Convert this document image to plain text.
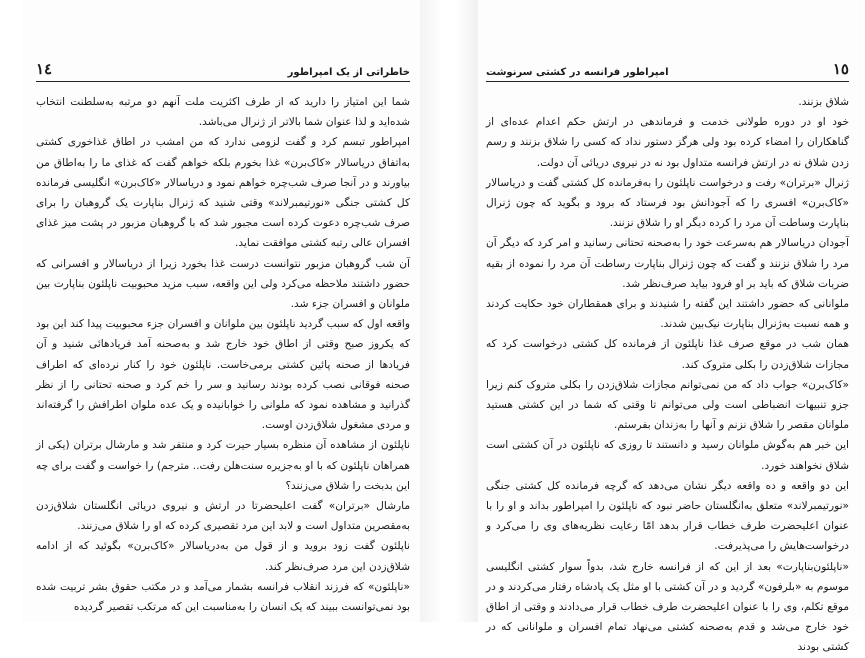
١٤	خاطراتی از یک امپراطور

شما این امتیاز را دارید که از طرف اکثریت ملت آنهم دو مرتبه به‌سلطنت انتخاب شده‌اید و لذا عنوان شما بالاتر از ژنرال می‌باشد.

امپراطور تبسم کرد و گفت لزومی ندارد که من امشب در اطاق غذاخوری کشتی به‌اتفاق دریاسالار «کاک‌برن» غذا بخورم بلکه خواهم گفت که غذای ما را به‌اطاق من بیاورند و در آنجا صرف شب‌چره خواهم نمود و دریاسالار «کاک‌برن» انگلیسی فرمانده کل کشتی جنگی «نورتیمبرلاند» وقتی شنید که ژنرال بناپارت یک گروهبان را برای صرف شب‌چره دعوت کرده است مجبور شد که با گروهبان مزبور در پشت میز غذای افسران عالی رتبه کشتی موافقت نماید.

آن شب گروهبان مزبور نتوانست درست غذا بخورد زیرا از دریاسالار و افسرانی که حضور داشتند ملاحظه می‌کرد ولی این واقعه، سبب مزید محبوبیت ناپلئون بناپارت بین ملوانان و افسران جزء شد.

واقعه اول که سبب گردید ناپلئون بین ملوانان و افسران جزء محبوبیت پیدا کند این بود که یکروز صبح وقتی از اطاق خود خارج شد و به‌صحنه آمد فریادهائی شنید و آن فریادها از صحنه پائین کشتی برمی‌خاست. ناپلئون خود را کنار نرده‌ای که اطراف صحنه فوقانی نصب کرده بودند رسانید و سر را خم کرد و صحنه تحتانی را از نظر گذرانید و مشاهده نمود که ملوانی را خوابانیده و یک عده ملوان اطرافش را گرفته‌اند و مردی مشغول شلاق‌زدن اوست.

ناپلئون از مشاهده آن منظره بسیار حیرت کرد و منتفر شد و مارشال برتران (یکی از همراهان ناپلئون که با او به‌جزیره سنت‌هلن رفت.. مترجم) را خواست و گفت برای چه این بدبخت را شلاق می‌زنند؟

مارشال «برتران» گفت اعلیحضرتا در ارتش و نیروی دریائی انگلستان شلاق‌زدن به‌مقصرین متداول است و لابد این مرد تقصیری کرده که او را شلاق می‌زنند.

ناپلئون گفت زود بروید و از قول من به‌دریاسالار «کاک‌برن» بگوئید که از ادامه شلاق‌زدن این مرد صرف‌نظر کند.

«ناپلئون» که فرزند انقلاب فرانسه بشمار می‌آمد و در مکتب حقوق بشر تربیت شده بود نمی‌توانست ببیند که یک انسان را به‌مناسبت این که مرتکب تقصیر گردیده

امپراطور فرانسه در کشتی سرنوشت	١٥

شلاق بزنند.

خود او در دوره طولانی خدمت و فرماندهی در ارتش حکم اعدام عده‌ای از گناهکاران را امضاء کرده بود ولی هرگز دستور نداد که کسی را شلاق بزنند و رسم زدن شلاق نه در ارتش فرانسه متداول بود نه در نیروی دریائی آن دولت.

ژنرال «برتران» رفت و درخواست ناپلئون را به‌فرمانده کل کشتی گفت و دریاسالار «کاک‌برن» افسری را که آجودانش بود فرستاد که برود و بگوید که چون ژنرال بناپارت وساطت آن مرد را کرده دیگر او را شلاق نزنند.

آجودان دریاسالار هم به‌سرعت خود را به‌صحنه تحتانی رسانید و امر کرد که دیگر آن مرد را شلاق نزنند و گفت که چون ژنرال بناپارت رساطت آن مرد را نموده از بقیه ضربات شلاق که باید بر او فرود بیاید صرف‌نظر شد.

ملوانانی که حضور داشتند این گفته را شنیدند و برای همقطاران خود حکایت کردند و همه نسبت به‌ژنرال بناپارت نیک‌بین شدند.

همان شب در موقع صرف غذا ناپلئون از فرمانده کل کشتی درخواست کرد که مجازات شلاق‌زدن را بکلی متروک کند.

«کاک‌برن» جواب داد که من نمی‌توانم مجازات شلاق‌زدن را بکلی متروک کنم زیرا جزو تنبیهات انضباطی است ولی می‌توانم تا وقتی که شما در این کشتی هستید ملوانان مقصر را شلاق نزنم و آنها را به‌زندان بفرستم.

این خبر هم به‌گوش ملوانان رسید و دانستند تا روزی که ناپلئون در آن کشتی است شلاق نخواهند خورد.

این دو واقعه و ده واقعه دیگر نشان می‌دهد که گرچه فرمانده کل کشتی جنگی «نورتیمبرلاند» متعلق به‌انگلستان حاضر نبود که ناپلئون را امپراطور بداند و او را با عنوان اعلیحضرت طرف خطاب قرار بدهد امّا رعایت نظریه‌های وی را می‌کرد و درخواست‌هایش را می‌پذیرفت.

«ناپلئون‌بناپارت» بعد از این که از فرانسه خارج شد، بدواً سوار کشتی انگلیسی موسوم به «بلرفون» گردید و در آن کشتی با او مثل یک پادشاه رفتار می‌کردند و در موقع تکلم، وی را با عنوان اعلیحضرت طرف خطاب قرار می‌دادند و وقتی از اطاق خود خارج می‌شد و قدم به‌صحنه کشتی می‌نهاد تمام افسران و ملوانانی که در کشتی بودند
